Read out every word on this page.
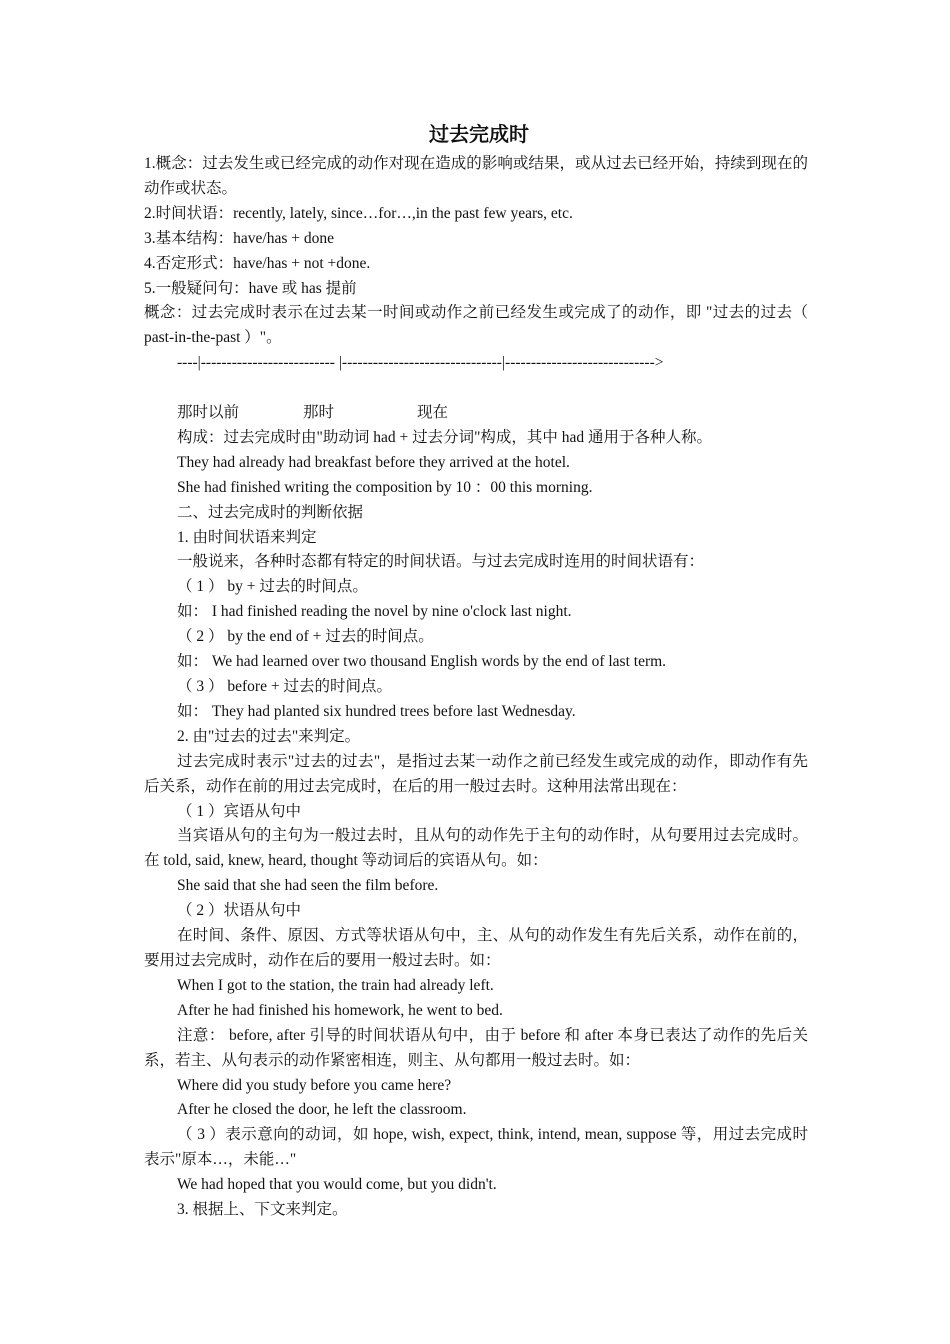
过去完成时

1.概念：过去发生或已经完成的动作对现在造成的影响或结果，或从过去已经开始，持续到现在的动作或状态。

2.时间状语：recently, lately, since…for…,in the past few years, etc.

3.基本结构：have/has + done

4.否定形式：have/has + not +done.

5.一般疑问句：have 或 has 提前

概念：过去完成时表示在过去某一时间或动作之前已经发生或完成了的动作，即 "过去的过去（ past-in-the-past ）"。

----|-------------------------- |-------------------------------|----------------------------->

那时以前	那时	现在

构成：过去完成时由"助动词 had + 过去分词"构成，其中 had 通用于各种人称。

They had already had breakfast before they arrived at the hotel.

She had finished writing the composition by 10 ：00 this morning.

二、过去完成时的判断依据

1. 由时间状语来判定

一般说来，各种时态都有特定的时间状语。与过去完成时连用的时间状语有：

（ 1 ） by + 过去的时间点。

如： I had finished reading the novel by nine o'clock last night.

（ 2 ） by the end of + 过去的时间点。

如： We had learned over two thousand English words by the end of last term.

（ 3 ） before + 过去的时间点。

如： They had planted six hundred trees before last Wednesday.

2. 由"过去的过去"来判定。

过去完成时表示"过去的过去"，是指过去某一动作之前已经发生或完成的动作，即动作有先后关系，动作在前的用过去完成时，在后的用一般过去时。这种用法常出现在：

（ 1 ）宾语从句中

当宾语从句的主句为一般过去时，且从句的动作先于主句的动作时，从句要用过去完成时。在 told, said, knew, heard, thought 等动词后的宾语从句。如：

She said that she had seen the film before.

（ 2 ）状语从句中

在时间、条件、原因、方式等状语从句中，主、从句的动作发生有先后关系，动作在前的，要用过去完成时，动作在后的要用一般过去时。如：

When I got to the station, the train had already left.

After he had finished his homework, he went to bed.

注意： before, after 引导的时间状语从句中，由于 before 和 after 本身已表达了动作的先后关系，若主、从句表示的动作紧密相连，则主、从句都用一般过去时。如：

Where did you study before you came here?

After he closed the door, he left the classroom.

（ 3 ）表示意向的动词，如 hope, wish, expect, think, intend, mean, suppose 等，用过去完成时表示"原本…，未能…"

We had hoped that you would come, but you didn't.

3. 根据上、下文来判定。
